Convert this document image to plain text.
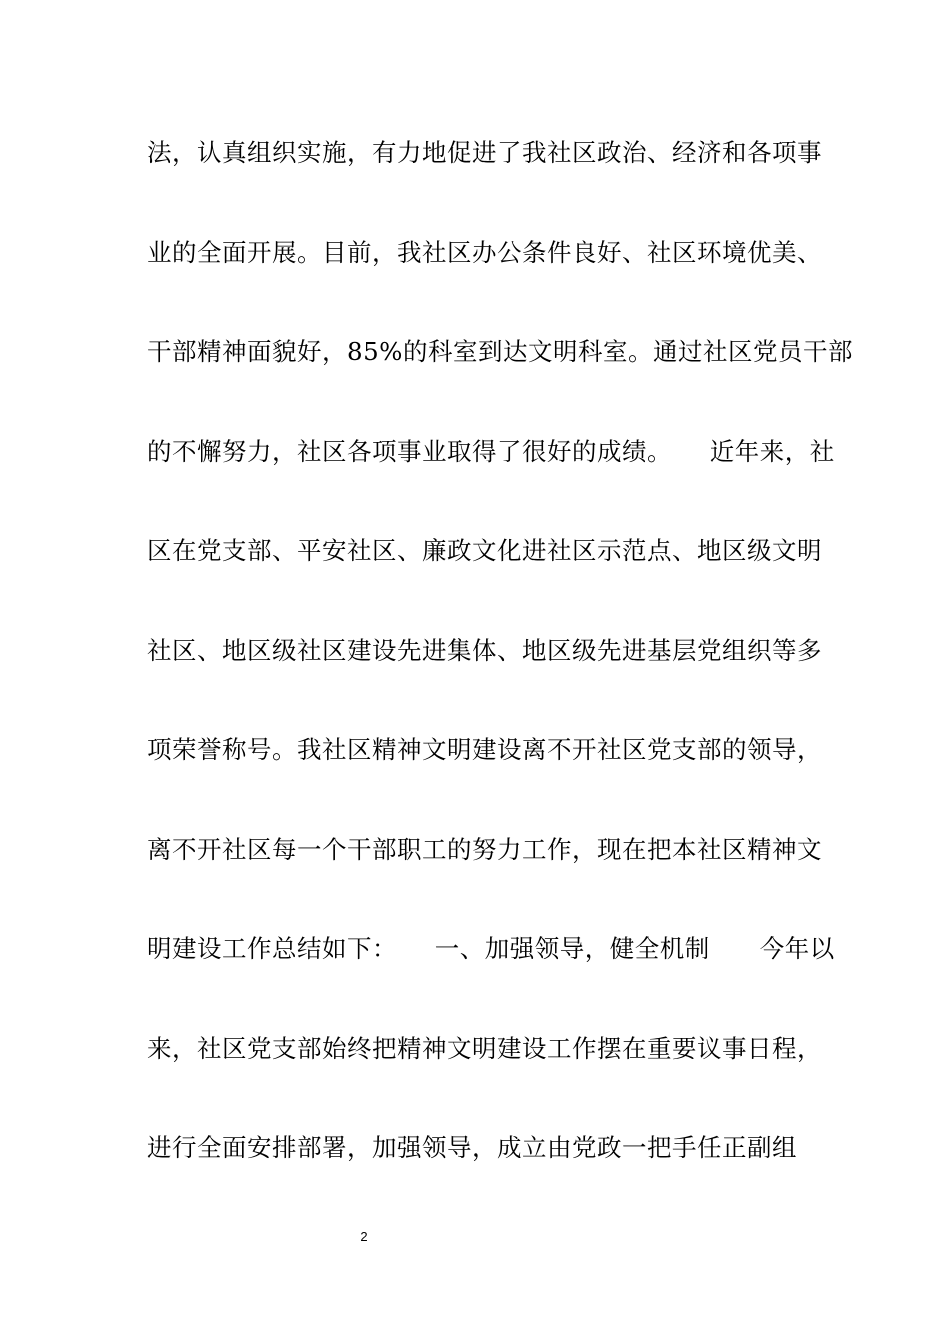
法，认真组织实施，有力地促进了我社区政治、经济和各项事
业的全面开展。目前，我社区办公条件良好、社区环境优美、
干部精神面貌好，85%的科室到达文明科室。通过社区党员干部
的不懈努力，社区各项事业取得了很好的成绩。　　近年来，社
区在党支部、平安社区、廉政文化进社区示范点、地区级文明
社区、地区级社区建设先进集体、地区级先进基层党组织等多
项荣誉称号。我社区精神文明建设离不开社区党支部的领导，
离不开社区每一个干部职工的努力工作，现在把本社区精神文
明建设工作总结如下：　　一、加强领导，健全机制　　今年以
来，社区党支部始终把精神文明建设工作摆在重要议事日程，
进行全面安排部署，加强领导，成立由党政一把手任正副组
2
